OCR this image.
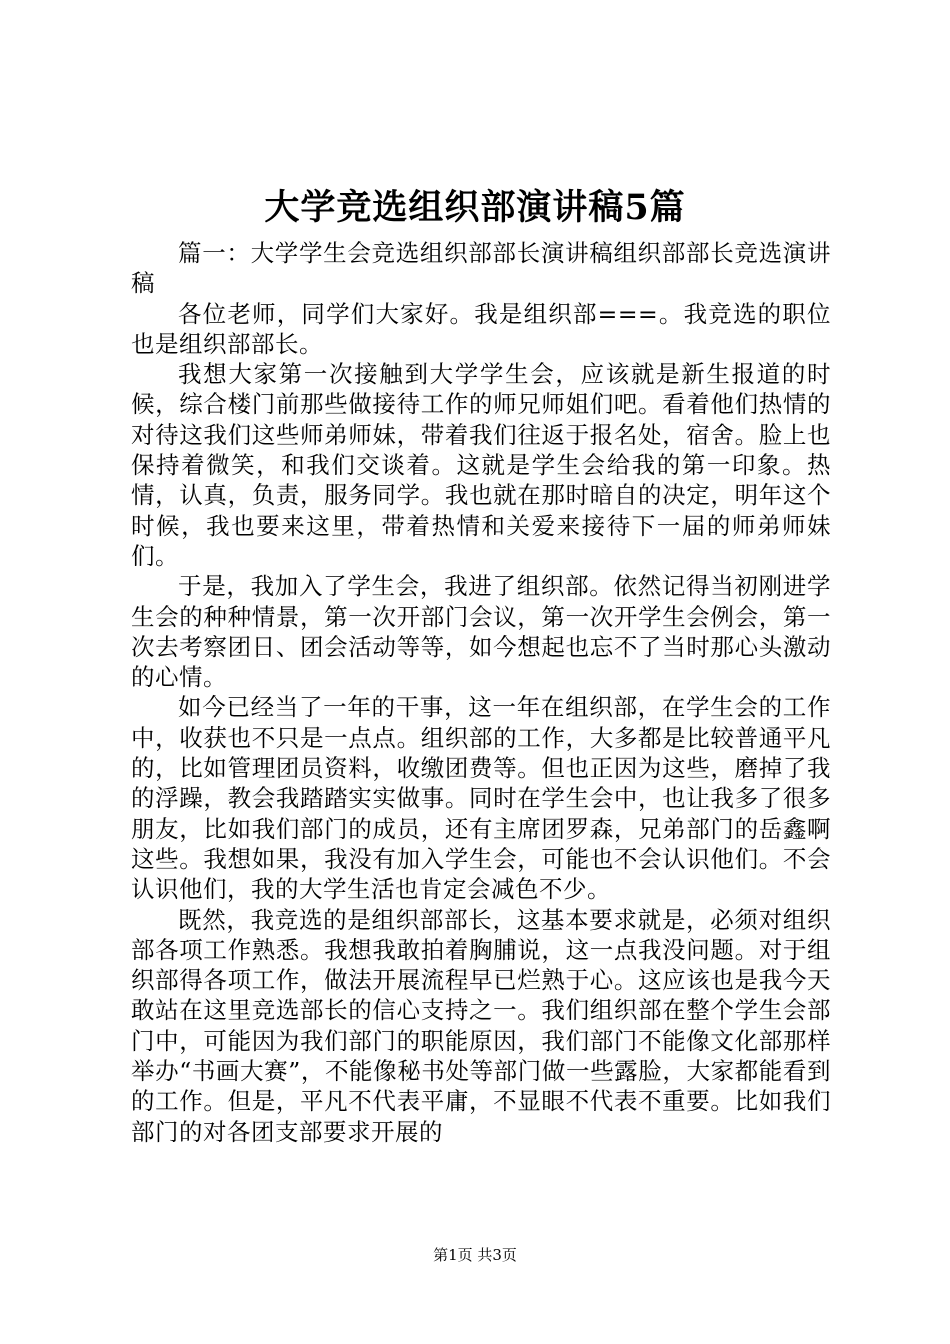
大学竞选组织部演讲稿5篇

篇一：大学学生会竞选组织部部长演讲稿组织部部长竞选演讲稿

各位老师，同学们大家好。我是组织部===。我竞选的职位也是组织部部长。

我想大家第一次接触到大学学生会，应该就是新生报道的时候，综合楼门前那些做接待工作的师兄师姐们吧。看着他们热情的对待这我们这些师弟师妹，带着我们往返于报名处，宿舍。脸上也保持着微笑，和我们交谈着。这就是学生会给我的第一印象。热情，认真，负责，服务同学。我也就在那时暗自的决定，明年这个时候，我也要来这里，带着热情和关爱来接待下一届的师弟师妹们。

于是，我加入了学生会，我进了组织部。依然记得当初刚进学生会的种种情景，第一次开部门会议，第一次开学生会例会，第一次去考察团日、团会活动等等，如今想起也忘不了当时那心头激动的心情。

如今已经当了一年的干事，这一年在组织部，在学生会的工作中，收获也不只是一点点。组织部的工作，大多都是比较普通平凡的，比如管理团员资料，收缴团费等。但也正因为这些，磨掉了我的浮躁，教会我踏踏实实做事。同时在学生会中，也让我多了很多朋友，比如我们部门的成员，还有主席团罗森，兄弟部门的岳鑫啊这些。我想如果，我没有加入学生会，可能也不会认识他们。不会认识他们，我的大学生活也肯定会减色不少。

既然，我竞选的是组织部部长，这基本要求就是，必须对组织部各项工作熟悉。我想我敢拍着胸脯说，这一点我没问题。对于组织部得各项工作，做法开展流程早已烂熟于心。这应该也是我今天敢站在这里竞选部长的信心支持之一。我们组织部在整个学生会部门中，可能因为我们部门的职能原因，我们部门不能像文化部那样举办“书画大赛”，不能像秘书处等部门做一些露脸，大家都能看到的工作。但是，平凡不代表平庸，不显眼不代表不重要。比如我们部门的对各团支部要求开展的

第1页 共3页
